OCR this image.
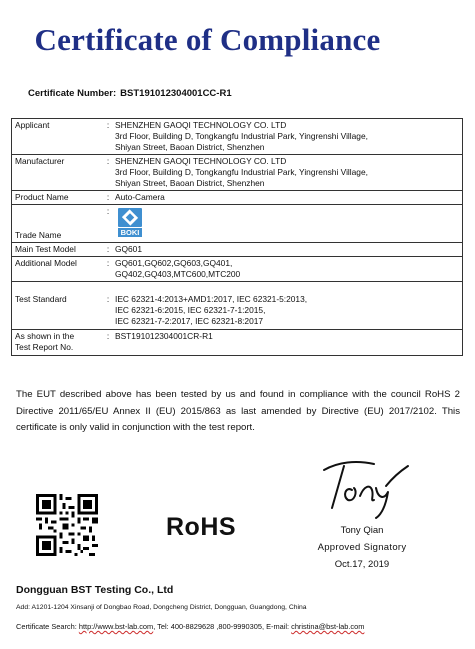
Certificate of Compliance
Certificate Number: BST191012304001CC-R1
Applicant	:	SHENZHEN GAOQI TECHNOLOGY CO. LTD
3rd Floor, Building D, Tongkangfu Industrial Park, Yingrenshi Village,
Shiyan Street, Baoan District, Shenzhen

Manufacturer	:	SHENZHEN GAOQI TECHNOLOGY CO. LTD
3rd Floor, Building D, Tongkangfu Industrial Park, Yingrenshi Village,
Shiyan Street, Baoan District, Shenzhen

Product Name	:	Auto-Camera
Trade Name	:	BOKI

Main Test Model	:	GQ601
Additional Model	:	GQ601,GQ602,GQ603,GQ401,
GQ402,GQ403,MTC600,MTC200

Test Standard	:	IEC 62321-4:2013+AMD1:2017, IEC 62321-5:2013,
IEC 62321-6:2015, IEC 62321-7-1:2015,
IEC 62321-7-2:2017, IEC 62321-8:2017

As shown in the
Test Report No.	:	BST191012304001CR-R1
The EUT described above has been tested by us and found in compliance with the council RoHS 2 Directive 2011/65/EU Annex II (EU) 2015/863 as last amended by Directive (EU) 2017/2102. This certificate is only valid in conjunction with the test report.
RoHS	Tony Qian
Approved Signatory
Oct.17, 2019
Dongguan BST Testing Co., Ltd
Add: A1201-1204 Xinsanji of Dongbao Road, Dongcheng District, Dongguan, Guangdong, China
Certificate Search: http://www.bst-lab.com, Tel: 400-8829628 ,800-9990305, E-mail: christina@bst-lab.com
